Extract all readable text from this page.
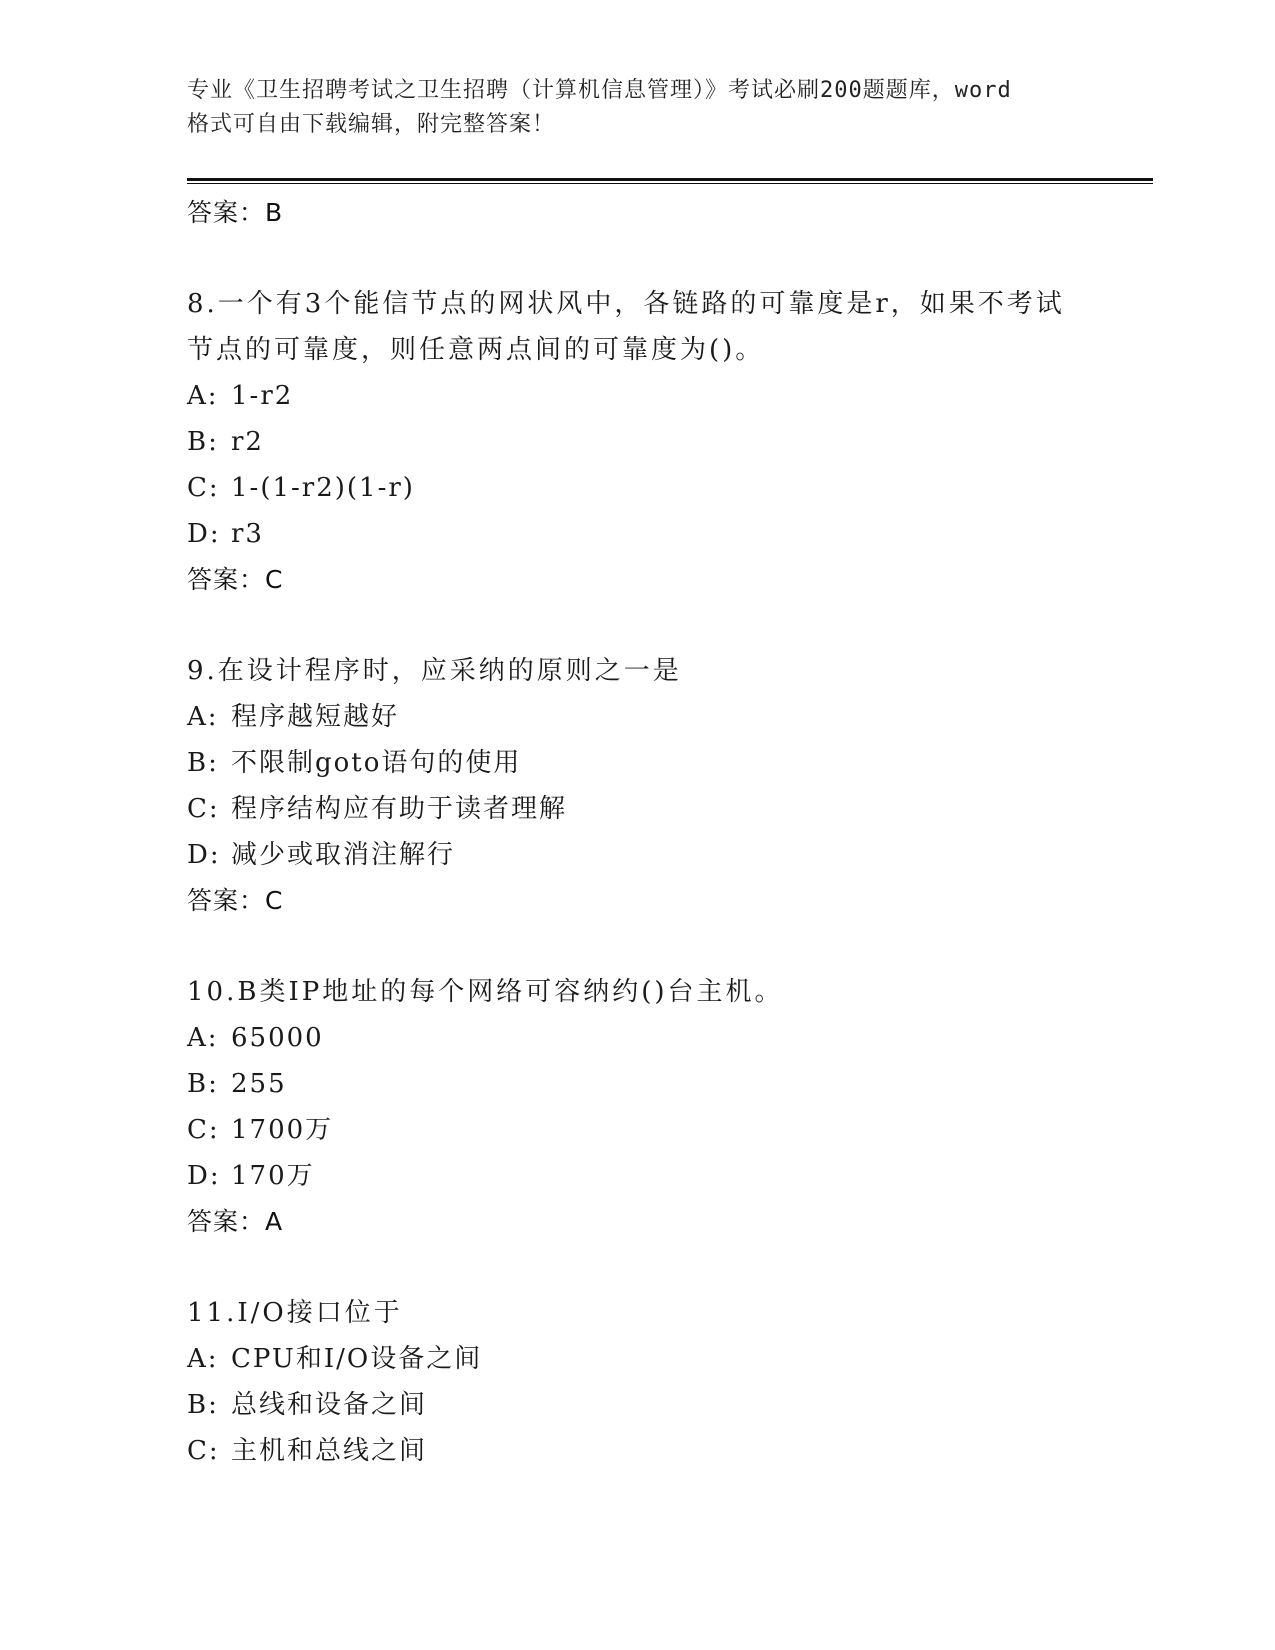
专业《卫生招聘考试之卫生招聘（计算机信息管理）》考试必刷200题题库，word
格式可自由下载编辑，附完整答案！
答案：B
8.一个有3个能信节点的网状风中，各链路的可靠度是r，如果不考试
节点的可靠度，则任意两点间的可靠度为()。
A: 1-r2
B: r2
C: 1-(1-r2)(1-r)
D: r3
答案：C
9.在设计程序时，应采纳的原则之一是
A: 程序越短越好
B: 不限制goto语句的使用
C: 程序结构应有助于读者理解
D: 减少或取消注解行
答案：C
10.B类IP地址的每个网络可容纳约()台主机。
A: 65000
B: 255
C: 1700万
D: 170万
答案：A
11.I/O接口位于
A: CPU和I/O设备之间
B: 总线和设备之间
C: 主机和总线之间
